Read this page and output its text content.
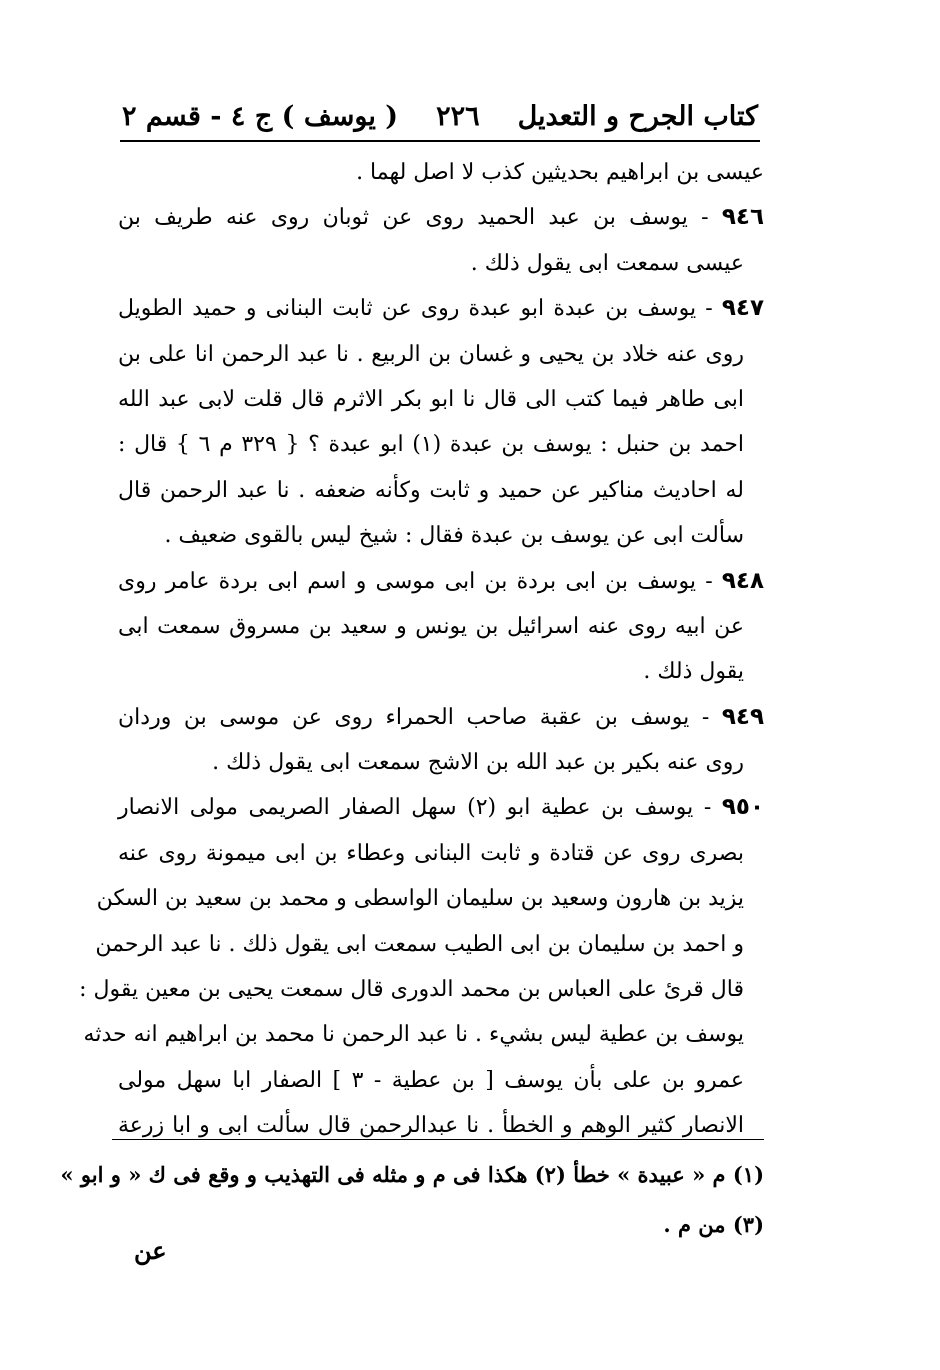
كتاب الجرح و التعديل
٢٢٦
( يوسف ) ج ٤ - قسم ٢
عيسى بن ابراهيم بحديثين كذب لا اصل لهما .
٩٤٦ - يوسف بن عبد الحميد روى عن ثوبان روى عنه طريف بن
عيسى سمعت ابى يقول ذلك .
٩٤٧ - يوسف بن عبدة ابو عبدة روى عن ثابت البنانى و حميد الطويل
روى عنه خلاد بن يحيى و غسان بن الربيع . نا عبد الرحمن انا على بن
ابى طاهر فيما كتب الى قال نا ابو بكر الاثرم قال قلت لابى عبد الله
احمد بن حنبل : يوسف بن عبدة (١) ابو عبدة ؟ { ٣٢٩ م ٦ } قال :
له احاديث مناكير عن حميد و ثابت وكأنه ضعفه . نا عبد الرحمن قال
سألت ابى عن يوسف بن عبدة فقال : شيخ ليس بالقوى ضعيف .
٩٤٨ - يوسف بن ابى بردة بن ابى موسى و اسم ابى بردة عامر روى
عن ابيه روى عنه اسرائيل بن يونس و سعيد بن مسروق سمعت ابى
يقول ذلك .
٩٤٩ - يوسف بن عقبة صاحب الحمراء روى عن موسى بن وردان
روى عنه بكير بن عبد الله بن الاشج سمعت ابى يقول ذلك .
٩٥٠ - يوسف بن عطية ابو (٢) سهل الصفار الصريمى مولى الانصار
بصرى روى عن قتادة و ثابت البنانى وعطاء بن ابى ميمونة روى عنه
يزيد بن هارون وسعيد بن سليمان الواسطى و محمد بن سعيد بن السكن
و احمد بن سليمان بن ابى الطيب سمعت ابى يقول ذلك . نا عبد الرحمن
قال قرئ على العباس بن محمد الدورى قال سمعت يحيى بن معين يقول :
يوسف بن عطية ليس بشيء . نا عبد الرحمن نا محمد بن ابراهيم انه حدثه
عمرو بن على بأن يوسف [ بن عطية - ٣ ] الصفار ابا سهل مولى
الانصار كثير الوهم و الخطأ . نا عبدالرحمن قال سألت ابى و ابا زرعة
(١) م « عبيدة » خطأ (٢) هكذا فى م و مثله فى التهذيب و وقع فى ك « و ابو »
(٣) من م .
عن
